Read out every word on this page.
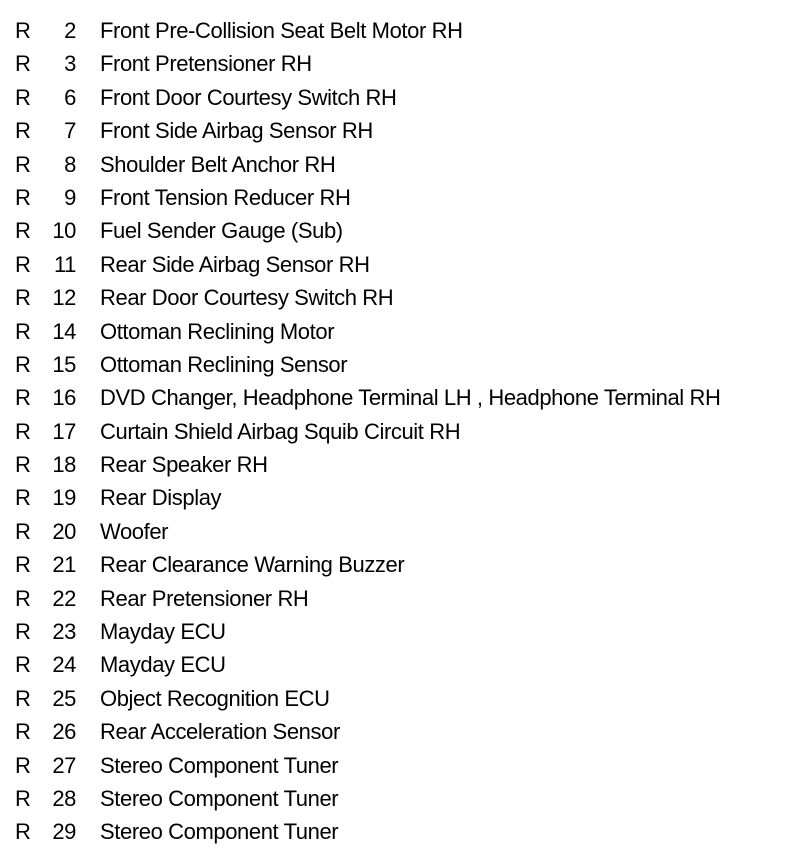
R	2 Front Pre-Collision Seat Belt Motor RH
R	3 Front Pretensioner RH
R	6 Front Door Courtesy Switch RH
R	7 Front Side Airbag Sensor RH
R	8 Shoulder Belt Anchor RH
R	9 Front Tension Reducer RH
R 10 Fuel Sender Gauge (Sub)
R	11 Rear Side Airbag Sensor RH
R 12 Rear Door Courtesy Switch RH
R 14 Ottoman Reclining Motor
R 15 Ottoman Reclining Sensor
R 16 DVD Changer, Headphone Terminal LH , Headphone Terminal RH
R 17 Curtain Shield Airbag Squib Circuit RH
R 18 Rear Speaker RH
R 19 Rear Display
R 20 Woofer
R 21 Rear Clearance Warning Buzzer
R 22 Rear Pretensioner RH
R 23 Mayday ECU
R 24 Mayday ECU
R 25 Object Recognition ECU
R 26 Rear Acceleration Sensor
R 27 Stereo Component Tuner
R 28 Stereo Component Tuner
R 29 Stereo Component Tuner
